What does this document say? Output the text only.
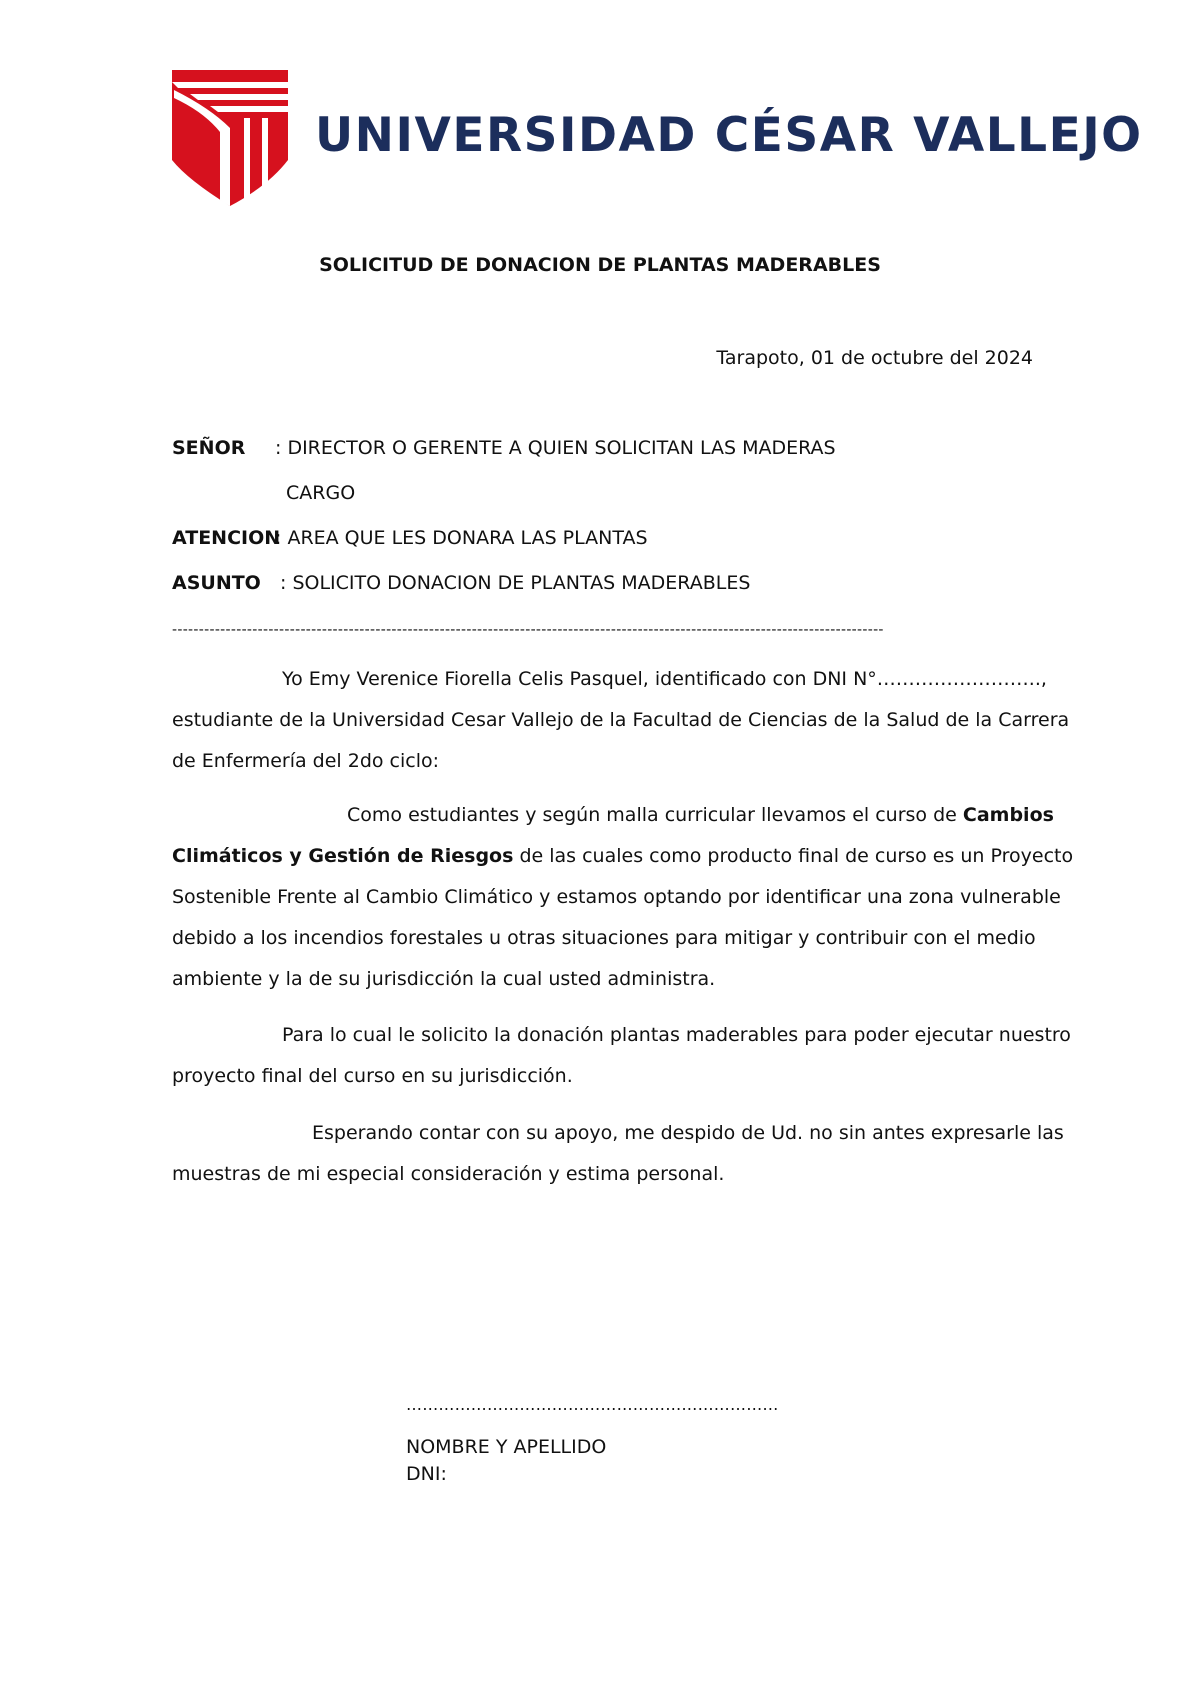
UNIVERSIDAD CÉSAR VALLEJO
SOLICITUD DE DONACION DE PLANTAS MADERABLES
Tarapoto, 01 de octubre del 2024
SEÑOR : DIRECTOR O GERENTE A QUIEN SOLICITAN LAS MADERAS
CARGO
ATENCION
: AREA QUE LES DONARA LAS PLANTAS
ASUNTO : SOLICITO DONACION DE PLANTAS MADERABLES
-------------------------------------------------------------------------------------------------------------------------------------
Yo Emy Verenice Fiorella Celis Pasquel, identificado con DNI N°……………………..,
estudiante de la Universidad Cesar Vallejo de la Facultad de Ciencias de la Salud de la Carrera
de Enfermería del 2do ciclo:
Como estudiantes y según malla curricular llevamos el curso de Cambios
Climáticos y Gestión de Riesgos de las cuales como producto final de curso es un Proyecto
Sostenible Frente al Cambio Climático y estamos optando por identificar una zona vulnerable
debido a los incendios forestales u otras situaciones para mitigar y contribuir con el medio
ambiente y la de su jurisdicción la cual usted administra.
Para lo cual le solicito la donación plantas maderables para poder ejecutar nuestro
proyecto final del curso en su jurisdicción.
Esperando contar con su apoyo, me despido de Ud. no sin antes expresarle las
muestras de mi especial consideración y estima personal.
……………………………………………………………
NOMBRE Y APELLIDO
DNI:
